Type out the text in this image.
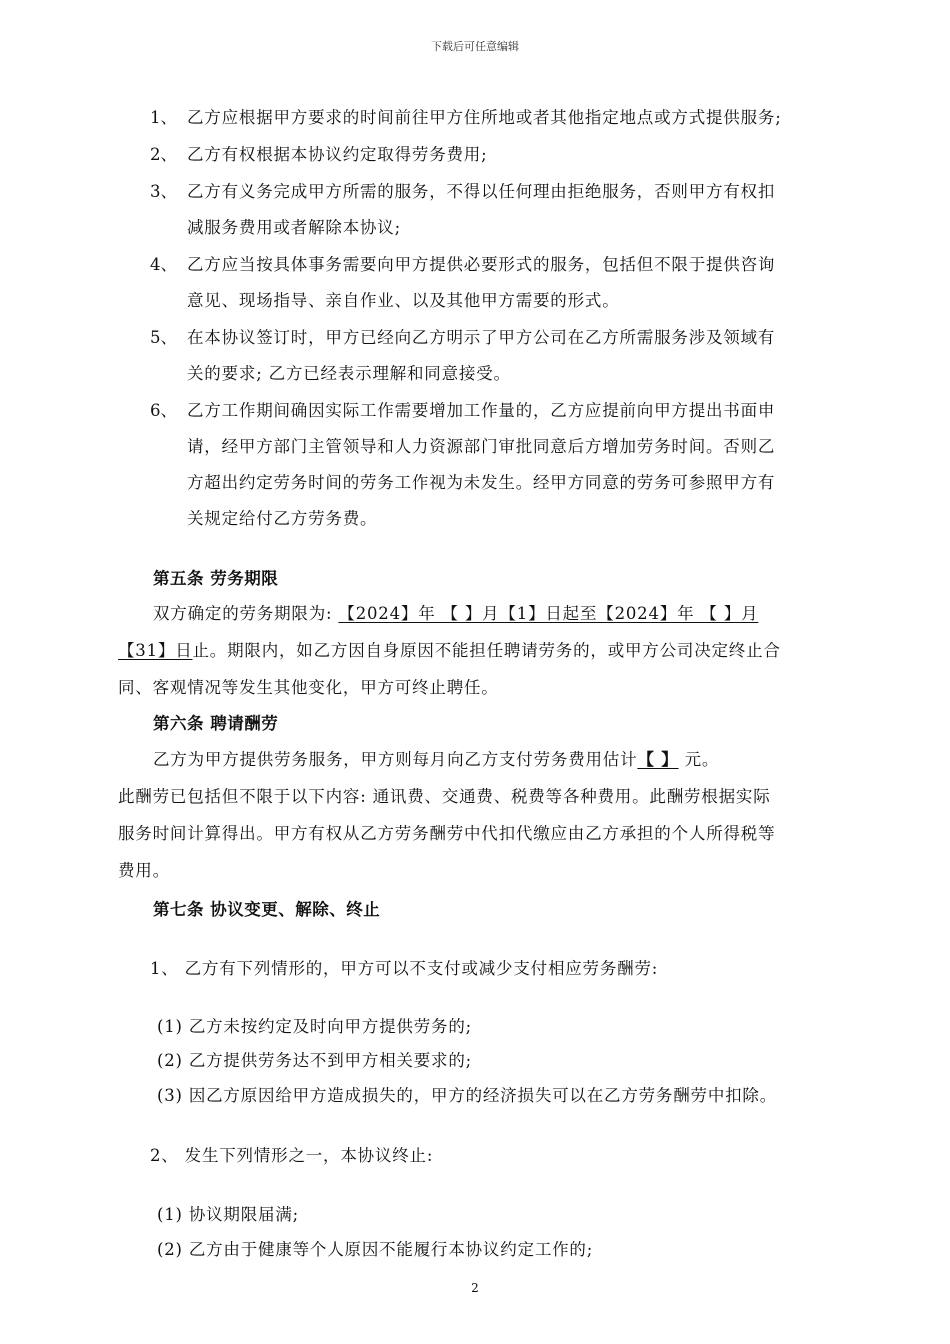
下载后可任意编辑
1、 乙方应根据甲方要求的时间前往甲方住所地或者其他指定地点或方式提供服务;
2、 乙方有权根据本协议约定取得劳务费用;
3、 乙方有义务完成甲方所需的服务，不得以任何理由拒绝服务，否则甲方有权扣
减服务费用或者解除本协议;
4、 乙方应当按具体事务需要向甲方提供必要形式的服务，包括但不限于提供咨询
意见、现场指导、亲自作业、以及其他甲方需要的形式。
5、 在本协议签订时，甲方已经向乙方明示了甲方公司在乙方所需服务涉及领域有
关的要求; 乙方已经表示理解和同意接受。
6、 乙方工作期间确因实际工作需要增加工作量的，乙方应提前向甲方提出书面申
请，经甲方部门主管领导和人力资源部门审批同意后方增加劳务时间。否则乙
方超出约定劳务时间的劳务工作视为未发生。经甲方同意的劳务可参照甲方有
关规定给付乙方劳务费。
第五条 劳务期限
双方确定的劳务期限为: 【2024】年 【 】月【1】日起至【2024】年 【 】月
【31】日止。期限内，如乙方因自身原因不能担任聘请劳务的，或甲方公司决定终止合
同、客观情况等发生其他变化，甲方可终止聘任。
第六条 聘请酬劳
乙方为甲方提供劳务服务，甲方则每月向乙方支付劳务费用估计【 】 元。
此酬劳已包括但不限于以下内容: 通讯费、交通费、税费等各种费用。此酬劳根据实际
服务时间计算得出。甲方有权从乙方劳务酬劳中代扣代缴应由乙方承担的个人所得税等
费用。
第七条 协议变更、解除、终止
1、 乙方有下列情形的，甲方可以不支付或减少支付相应劳务酬劳:
(1) 乙方未按约定及时向甲方提供劳务的;
(2) 乙方提供劳务达不到甲方相关要求的;
(3) 因乙方原因给甲方造成损失的，甲方的经济损失可以在乙方劳务酬劳中扣除。
2、 发生下列情形之一，本协议终止:
(1) 协议期限届满;
(2) 乙方由于健康等个人原因不能履行本协议约定工作的;
2
